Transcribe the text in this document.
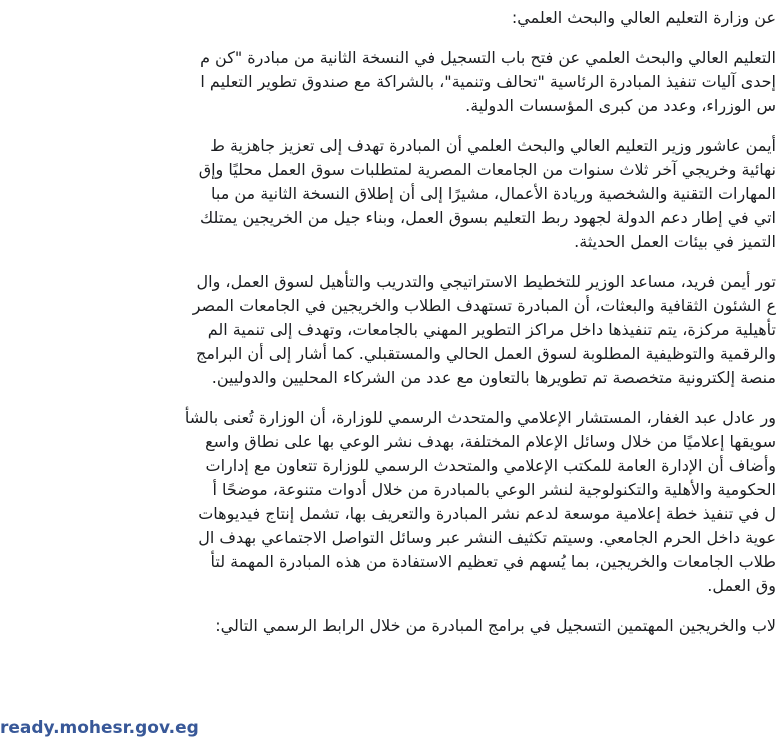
عن وزارة التعليم العالي والبحث العلمي:

التعليم العالي والبحث العلمي عن فتح باب التسجيل في النسخة الثانية من مبادرة "كن م
إحدى آليات تنفيذ المبادرة الرئاسية "تحالف وتنمية"، بالشراكة مع صندوق تطوير التعليم ا
س الوزراء، وعدد من كبرى المؤسسات الدولية.

أيمن عاشور وزير التعليم العالي والبحث العلمي أن المبادرة تهدف إلى تعزيز جاهزية ط
نهائية وخريجي آخر ثلاث سنوات من الجامعات المصرية لمتطلبات سوق العمل محليًا وإق
المهارات التقنية والشخصية وريادة الأعمال، مشيرًا إلى أن إطلاق النسخة الثانية من مبا
اتي في إطار دعم الدولة لجهود ربط التعليم بسوق العمل، وبناء جيل من الخريجين يمتلك
التميز في بيئات العمل الحديثة.

تور أيمن فريد، مساعد الوزير للتخطيط الاستراتيجي والتدريب والتأهيل لسوق العمل، وال
ع الشئون الثقافية والبعثات، أن المبادرة تستهدف الطلاب والخريجين في الجامعات المصر
تأهيلية مركزة، يتم تنفيذها داخل مراكز التطوير المهني بالجامعات، وتهدف إلى تنمية الم
والرقمية والتوظيفية المطلوبة لسوق العمل الحالي والمستقبلي. كما أشار إلى أن البرامج
منصة إلكترونية متخصصة تم تطويرها بالتعاون مع عدد من الشركاء المحليين والدوليين.

ور عادل عبد الغفار، المستشار الإعلامي والمتحدث الرسمي للوزارة، أن الوزارة تُعنى بالشأ
سويقها إعلاميًا من خلال وسائل الإعلام المختلفة، بهدف نشر الوعي بها على نطاق واسع
وأضاف أن الإدارة العامة للمكتب الإعلامي والمتحدث الرسمي للوزارة تتعاون مع إدارات
الحكومية والأهلية والتكنولوجية لنشر الوعي بالمبادرة من خلال أدوات متنوعة، موضحًا أ
ل في تنفيذ خطة إعلامية موسعة لدعم نشر المبادرة والتعريف بها، تشمل إنتاج فيديوهات
عوية داخل الحرم الجامعي. وسيتم تكثيف النشر عبر وسائل التواصل الاجتماعي بهدف ال
طلاب الجامعات والخريجين، بما يُسهم في تعظيم الاستفادة من هذه المبادرة المهمة لتأ
وق العمل.

لاب والخريجين المهتمين التسجيل في برامج المبادرة من خلال الرابط الرسمي التالي:

ready.mohesr.gov.eg
